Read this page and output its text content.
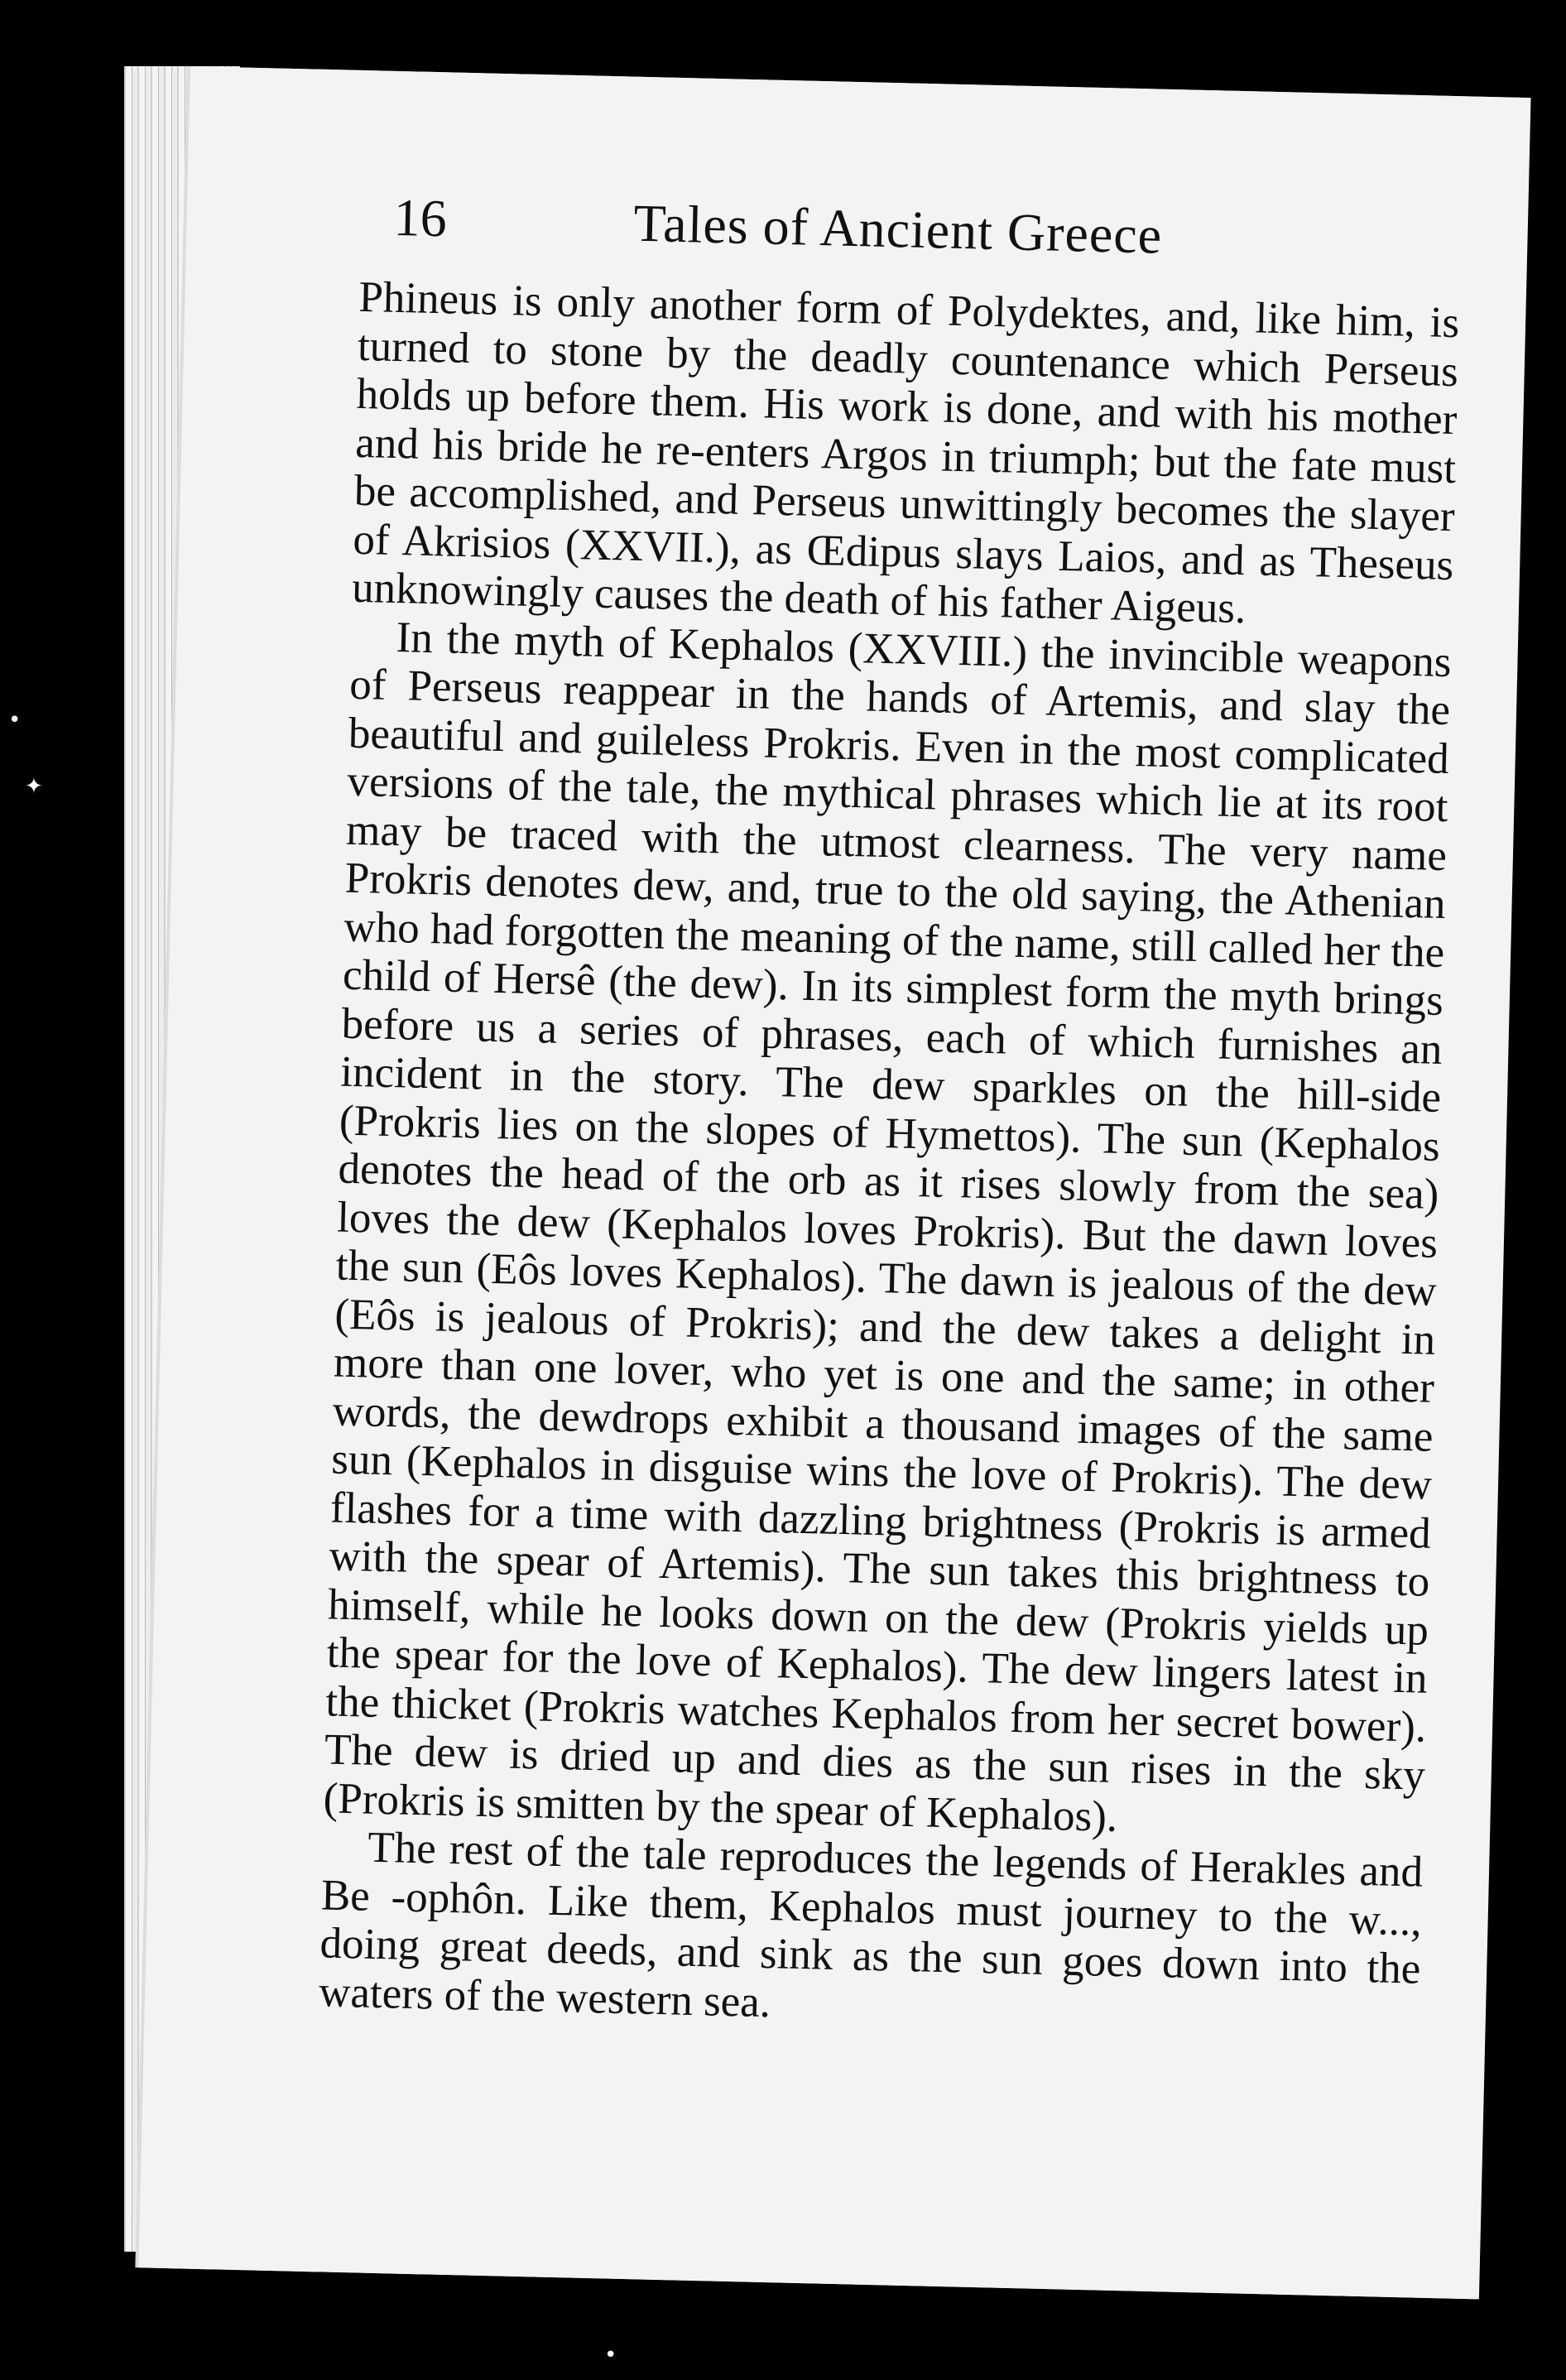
16	Tales of Ancient Greece

Phineus is only another form of Polydektes, and, like him, is turned to stone by the deadly countenance which Perseus holds up before them. His work is done, and with his mother and his bride he re-enters Argos in triumph; but the fate must be accomplished, and Perseus unwittingly becomes the slayer of Akrisios (XXVII.), as Œdipus slays Laios, and as Theseus unknowingly causes the death of his father Aigeus.

In the myth of Kephalos (XXVIII.) the invincible weapons of Perseus reappear in the hands of Artemis, and slay the beautiful and guileless Prokris. Even in the most complicated versions of the tale, the mythical phrases which lie at its root may be traced with the utmost clearness. The very name Prokris denotes dew, and, true to the old saying, the Athenian who had forgotten the meaning of the name, still called her the child of Hersê (the dew). In its simplest form the myth brings before us a series of phrases, each of which furnishes an incident in the story. The dew sparkles on the hill-side (Prokris lies on the slopes of Hymettos). The sun (Kephalos denotes the head of the orb as it rises slowly from the sea) loves the dew (Kephalos loves Prokris). But the dawn loves the sun (Eôs loves Kephalos). The dawn is jealous of the dew (Eôs is jealous of Prokris); and the dew takes a delight in more than one lover, who yet is one and the same; in other words, the dewdrops exhibit a thousand images of the same sun (Kephalos in disguise wins the love of Prokris). The dew flashes for a time with dazzling brightness (Prokris is armed with the spear of Artemis). The sun takes this brightness to himself, while he looks down on the dew (Prokris yields up the spear for the love of Kephalos). The dew lingers latest in the thicket (Prokris watches Kephalos from her secret bower). The dew is dried up and dies as the sun rises in the sky (Prokris is smitten by the spear of Kephalos).

The rest of the tale reproduces the legends of Herakles and Be -ophôn. Like them, Kephalos must journey to the w..., doing great deeds, and sink as the sun goes down into the waters of the western sea.

•
✦
•
